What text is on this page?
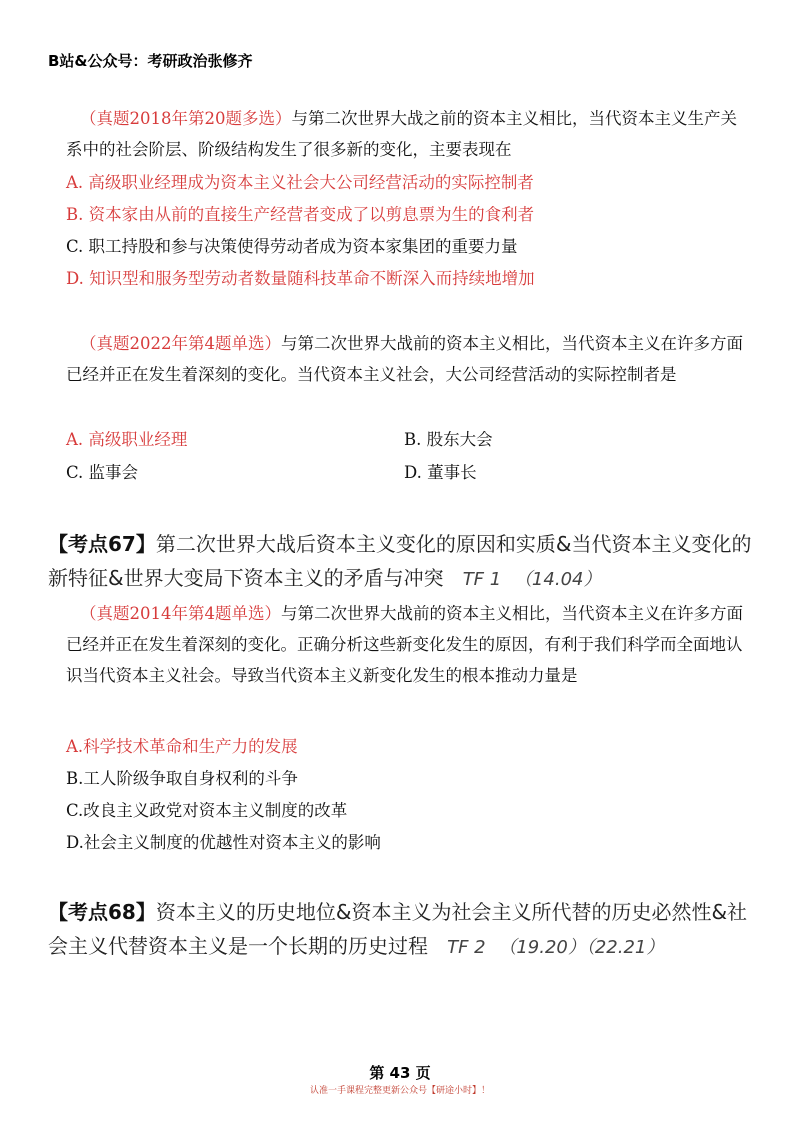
B站&公众号：考研政治张修齐
（真题2018年第20题多选）与第二次世界大战之前的资本主义相比，当代资本主义生产关系中的社会阶层、阶级结构发生了很多新的变化，主要表现在
A. 高级职业经理成为资本主义社会大公司经营活动的实际控制者
B. 资本家由从前的直接生产经营者变成了以剪息票为生的食利者
C. 职工持股和参与决策使得劳动者成为资本家集团的重要力量
D. 知识型和服务型劳动者数量随科技革命不断深入而持续地增加
（真题2022年第4题单选）与第二次世界大战前的资本主义相比，当代资本主义在许多方面已经并正在发生着深刻的变化。当代资本主义社会，大公司经营活动的实际控制者是
A. 高级职业经理	B. 股东大会
C. 监事会	D. 董事长
【考点67】第二次世界大战后资本主义变化的原因和实质&当代资本主义变化的新特征&世界大变局下资本主义的矛盾与冲突 TF 1 （14.04）
（真题2014年第4题单选）与第二次世界大战前的资本主义相比，当代资本主义在许多方面已经并正在发生着深刻的变化。正确分析这些新变化发生的原因，有利于我们科学而全面地认识当代资本主义社会。导致当代资本主义新变化发生的根本推动力量是
A.科学技术革命和生产力的发展
B.工人阶级争取自身权利的斗争
C.改良主义政党对资本主义制度的改革
D.社会主义制度的优越性对资本主义的影响
【考点68】资本主义的历史地位&资本主义为社会主义所代替的历史必然性&社会主义代替资本主义是一个长期的历史过程 TF 2 （19.20）（22.21）
第 43 页
认准一手课程完整更新公众号【研途小时】！
